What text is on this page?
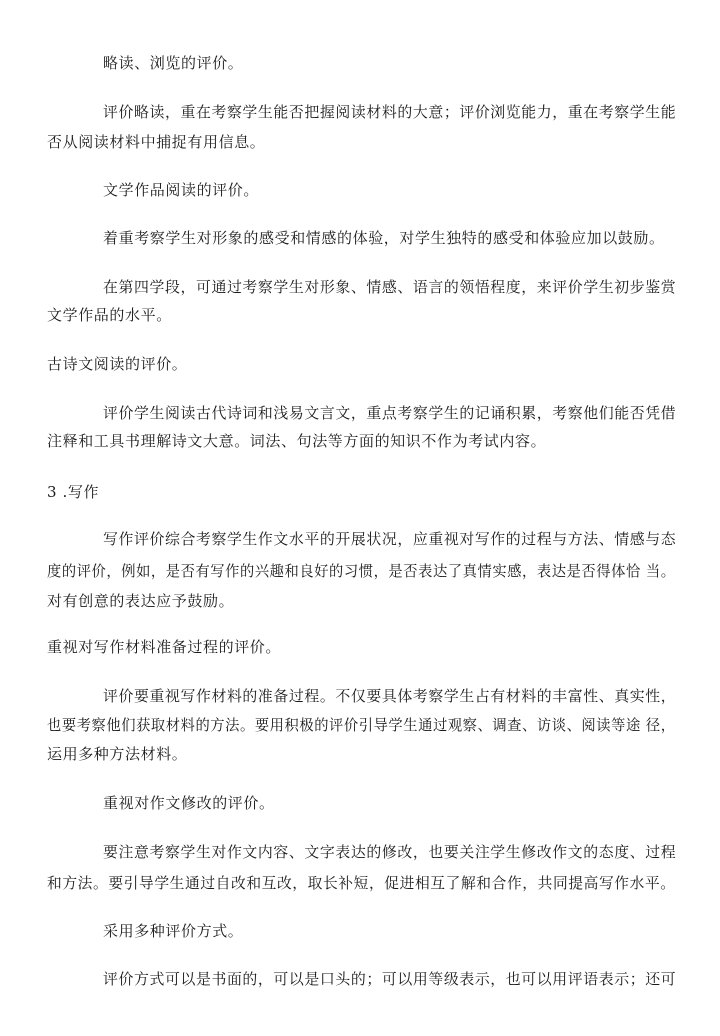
略读、浏览的评价。
评价略读，重在考察学生能否把握阅读材料的大意；评价浏览能力，重在考察学生能
否从阅读材料中捕捉有用信息。
文学作品阅读的评价。
着重考察学生对形象的感受和情感的体验，对学生独特的感受和体验应加以鼓励。
在第四学段，可通过考察学生对形象、情感、语言的领悟程度，来评价学生初步鉴赏
文学作品的水平。
古诗文阅读的评价。
评价学生阅读古代诗词和浅易文言文，重点考察学生的记诵积累，考察他们能否凭借
注释和工具书理解诗文大意。词法、句法等方面的知识不作为考试内容。
3 .写作
写作评价综合考察学生作文水平的开展状况，应重视对写作的过程与方法、情感与态
度的评价，例如，是否有写作的兴趣和良好的习惯，是否表达了真情实感，表达是否得体恰 当。
对有创意的表达应予鼓励。
重视对写作材料准备过程的评价。
评价要重视写作材料的准备过程。不仅要具体考察学生占有材料的丰富性、真实性，
也要考察他们获取材料的方法。要用积极的评价引导学生通过观察、调查、访谈、阅读等途 径，
运用多种方法材料。
重视对作文修改的评价。
要注意考察学生对作文内容、文字表达的修改，也要关注学生修改作文的态度、过程
和方法。要引导学生通过自改和互改，取长补短，促进相互了解和合作，共同提高写作水平。
采用多种评价方式。
评价方式可以是书面的，可以是口头的；可以用等级表示，也可以用评语表示；还可
